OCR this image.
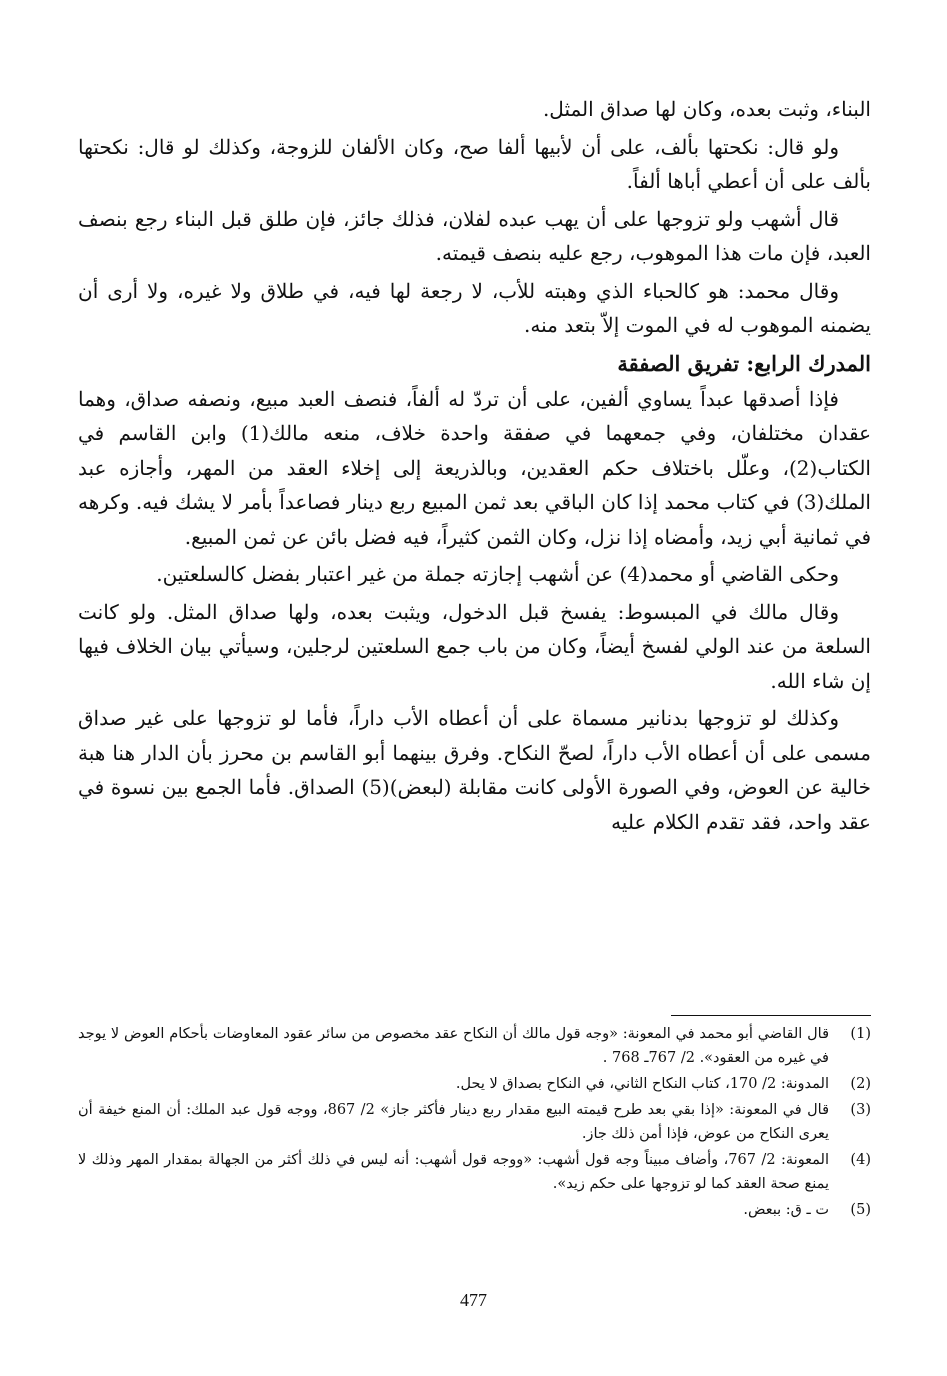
البناء، وثبت بعده، وكان لها صداق المثل.

ولو قال: نكحتها بألف، على أن لأبيها ألفا صح، وكان الألفان للزوجة، وكذلك لو قال: نكحتها بألف على أن أعطي أباها ألفاً.

قال أشهب ولو تزوجها على أن يهب عبده لفلان، فذلك جائز، فإن طلق قبل البناء رجع بنصف العبد، فإن مات هذا الموهوب، رجع عليه بنصف قيمته.

وقال محمد: هو كالحباء الذي وهبته للأب، لا رجعة لها فيه، في طلاق ولا غيره، ولا أرى أن يضمنه الموهوب له في الموت إلاّ بتعد منه.

المدرك الرابع: تفريق الصفقة

فإذا أصدقها عبداً يساوي ألفين، على أن تردّ له ألفاً، فنصف العبد مبيع، ونصفه صداق، وهما عقدان مختلفان، وفي جمعهما في صفقة واحدة خلاف، منعه مالك(1) وابن القاسم في الكتاب(2)، وعلّل باختلاف حكم العقدين، وبالذريعة إلى إخلاء العقد من المهر، وأجازه عبد الملك(3) في كتاب محمد إذا كان الباقي بعد ثمن المبيع ربع دينار فصاعداً بأمر لا يشك فيه. وكرهه في ثمانية أبي زيد، وأمضاه إذا نزل، وكان الثمن كثيراً، فيه فضل بائن عن ثمن المبيع.

وحكى القاضي أو محمد(4) عن أشهب إجازته جملة من غير اعتبار بفضل كالسلعتين.

وقال مالك في المبسوط: يفسخ قبل الدخول، ويثبت بعده، ولها صداق المثل. ولو كانت السلعة من عند الولي لفسخ أيضاً، وكان من باب جمع السلعتين لرجلين، وسيأتي بيان الخلاف فيها إن شاء الله.

وكذلك لو تزوجها بدنانير مسماة على أن أعطاه الأب داراً، فأما لو تزوجها على غير صداق مسمى على أن أعطاه الأب داراً، لصحّ النكاح. وفرق بينهما أبو القاسم بن محرز بأن الدار هنا هبة خالية عن العوض، وفي الصورة الأولى كانت مقابلة (لبعض)(5) الصداق. فأما الجمع بين نسوة في عقد واحد، فقد تقدم الكلام عليه

(1)
قال القاضي أبو محمد في المعونة: «وجه قول مالك أن النكاح عقد مخصوص من سائر عقود المعاوضات بأحكام العوض لا يوجد في غيره من العقود». 2/ 767ـ 768 .
(2)
المدونة: 2/ 170، كتاب النكاح الثاني، في النكاح بصداق لا يحل.
(3)
قال في المعونة: «إذا بقي بعد طرح قيمته البيع مقدار ربع دينار فأكثر جاز» 2/ 867، ووجه قول عبد الملك: أن المنع خيفة أن يعرى النكاح من عوض، فإذا أمن ذلك جاز.
(4)
المعونة: 2/ 767، وأضاف مبيناً وجه قول أشهب: «ووجه قول أشهب: أنه ليس في ذلك أكثر من الجهالة بمقدار المهر وذلك لا يمنع صحة العقد كما لو تزوجها على حكم زيد».
(5)
ت ـ ق: ببعض.
477
